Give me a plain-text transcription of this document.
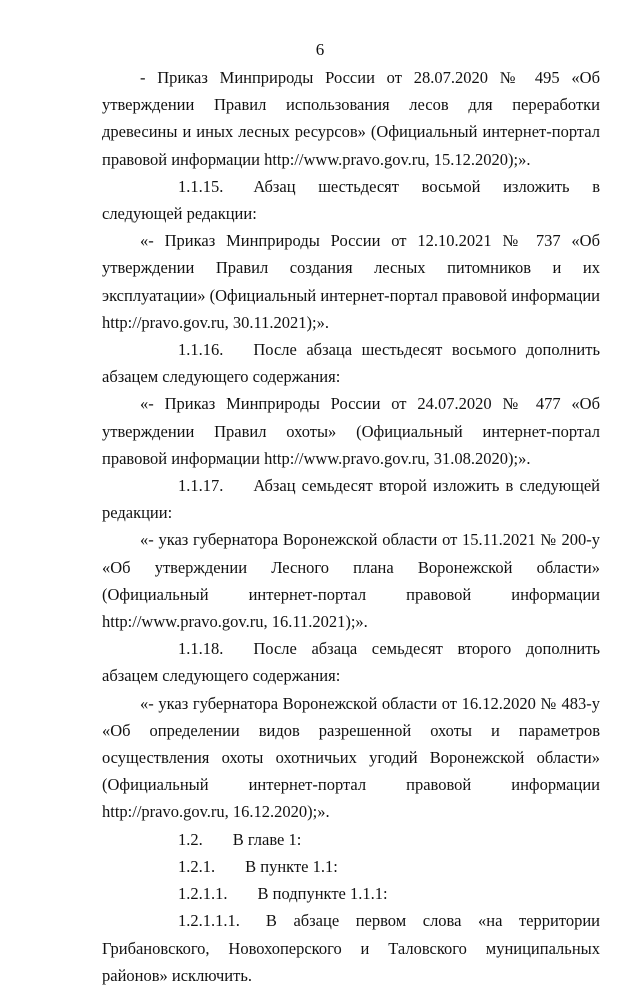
6

- Приказ Минприроды России от 28.07.2020 № 495 «Об утверждении Правил использования лесов для переработки древесины и иных лесных ресурсов» (Официальный интернет-портал правовой информации http://www.pravo.gov.ru, 15.12.2020);».

1.1.15. Абзац шестьдесят восьмой изложить в следующей редакции:

«- Приказ Минприроды России от 12.10.2021 № 737 «Об утверждении Правил создания лесных питомников и их эксплуатации» (Официальный интернет-портал правовой информации http://pravo.gov.ru, 30.11.2021);».

1.1.16. После абзаца шестьдесят восьмого дополнить абзацем следующего содержания:

«- Приказ Минприроды России от 24.07.2020 № 477 «Об утверждении Правил охоты» (Официальный интернет-портал правовой информации http://www.pravo.gov.ru, 31.08.2020);».

1.1.17. Абзац семьдесят второй изложить в следующей редакции:

«- указ губернатора Воронежской области от 15.11.2021 № 200-у «Об утверждении Лесного плана Воронежской области» (Официальный интернет-портал правовой информации http://www.pravo.gov.ru, 16.11.2021);».

1.1.18. После абзаца семьдесят второго дополнить абзацем следующего содержания:

«- указ губернатора Воронежской области от 16.12.2020 № 483-у «Об определении видов разрешенной охоты и параметров осуществления охоты охотничьих угодий Воронежской области» (Официальный интернет-портал правовой информации http://pravo.gov.ru, 16.12.2020);».

1.2. В главе 1:

1.2.1. В пункте 1.1:

1.2.1.1. В подпункте 1.1.1:

1.2.1.1.1. В абзаце первом слова «на территории Грибановского, Новохоперского и Таловского муниципальных районов» исключить.
